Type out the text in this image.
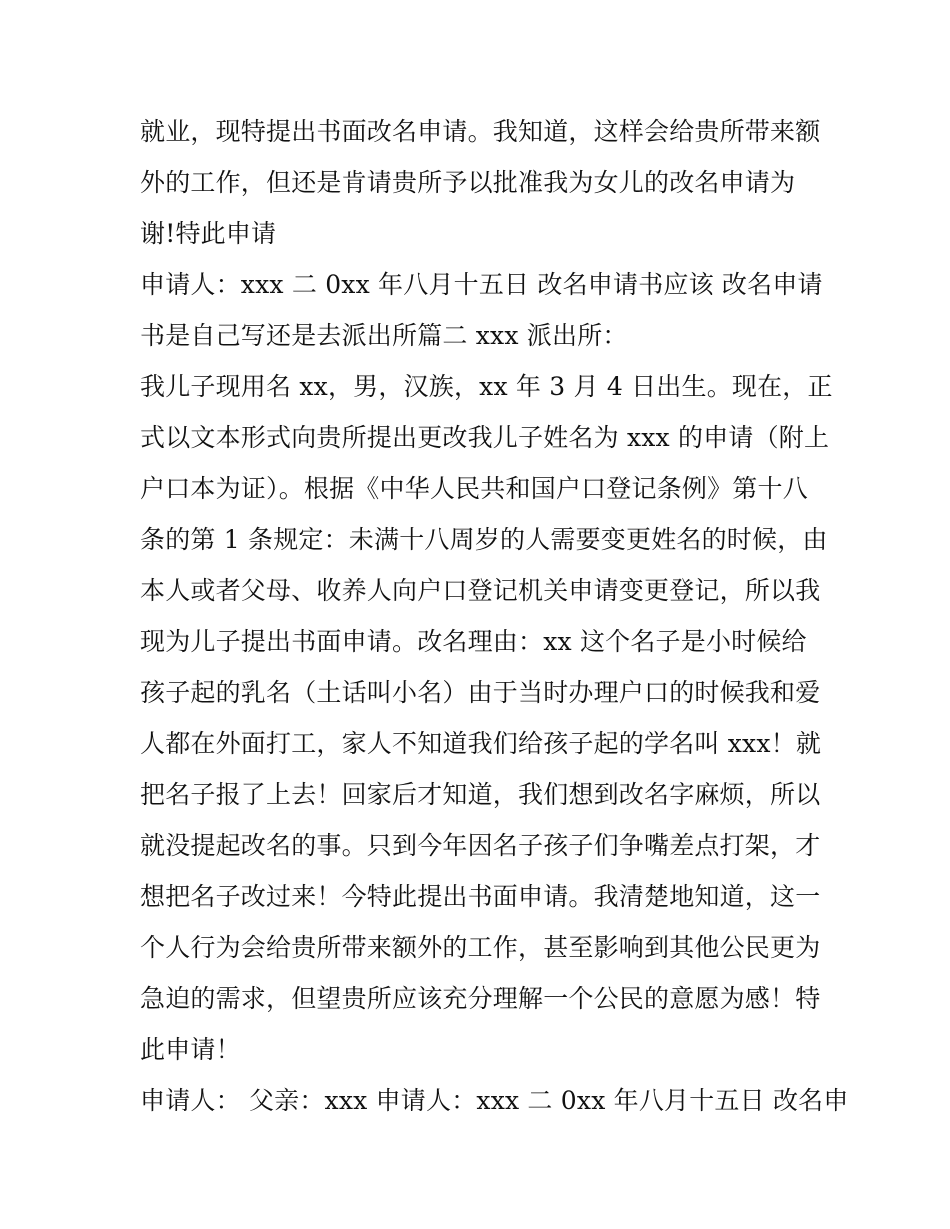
就业，现特提出书面改名申请。我知道，这样会给贵所带来额
外的工作，但还是肯请贵所予以批准我为女儿的改名申请为
谢!特此申请
申请人：xxx 二 0xx 年八月十五日 改名申请书应该 改名申请
书是自己写还是去派出所篇二 xxx 派出所：
我儿子现用名 xx，男，汉族，xx 年 3 月 4 日出生。现在，正
式以文本形式向贵所提出更改我儿子姓名为 xxx 的申请（附上
户口本为证）。根据《中华人民共和国户口登记条例》第十八
条的第 1 条规定：未满十八周岁的人需要变更姓名的时候，由
本人或者父母、收养人向户口登记机关申请变更登记，所以我
现为儿子提出书面申请。改名理由：xx 这个名子是小时候给
孩子起的乳名（土话叫小名）由于当时办理户口的时候我和爱
人都在外面打工，家人不知道我们给孩子起的学名叫 xxx！就
把名子报了上去！回家后才知道，我们想到改名字麻烦，所以
就没提起改名的事。只到今年因名子孩子们争嘴差点打架，才
想把名子改过来！今特此提出书面申请。我清楚地知道，这一
个人行为会给贵所带来额外的工作，甚至影响到其他公民更为
急迫的需求，但望贵所应该充分理解一个公民的意愿为感！特
此申请！
申请人： 父亲：xxx 申请人：xxx 二 0xx 年八月十五日 改名申
